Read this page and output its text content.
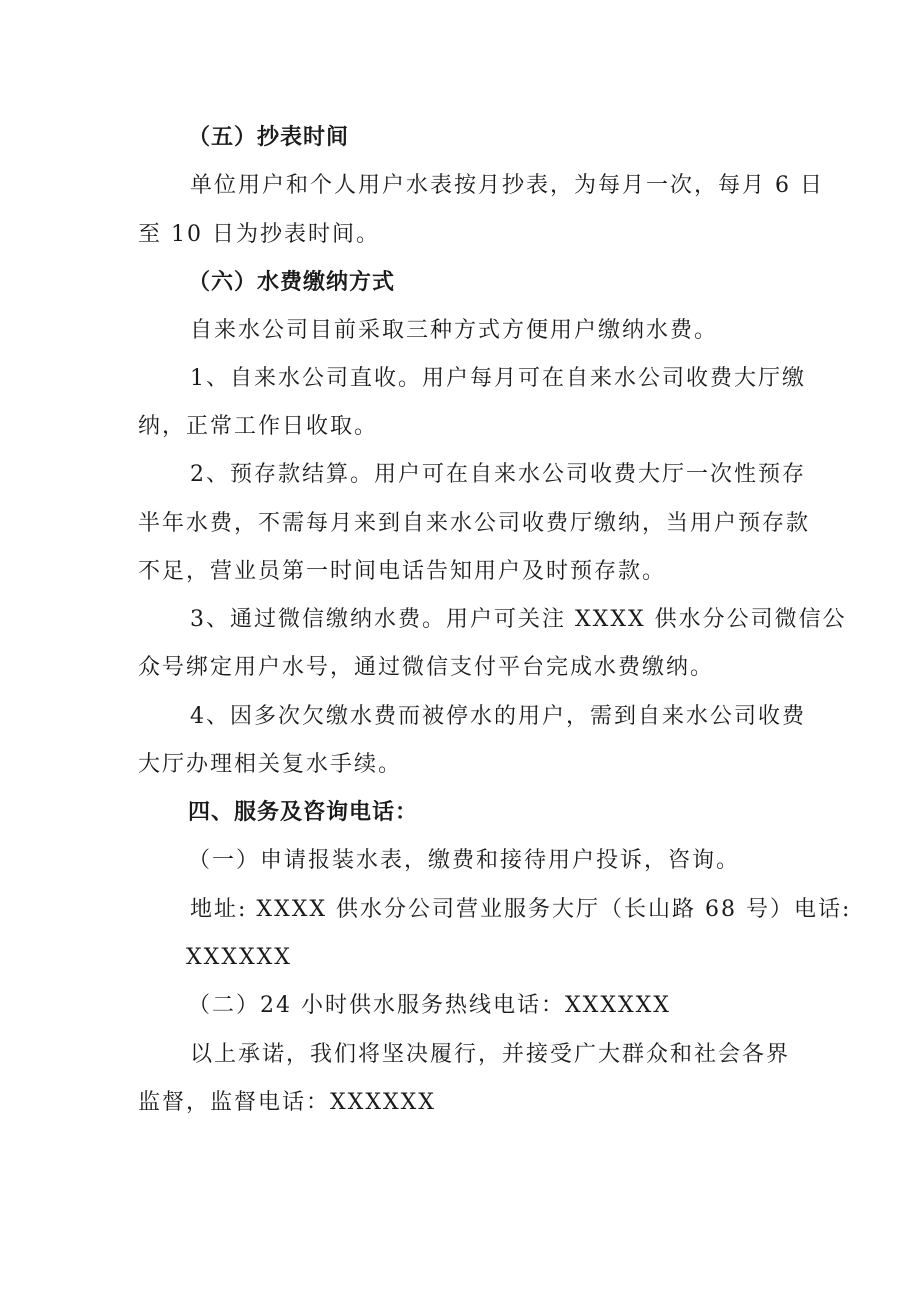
（五）抄表时间
单位用户和个人用户水表按月抄表，为每月一次，每月 6 日
至 10 日为抄表时间。
（六）水费缴纳方式
自来水公司目前采取三种方式方便用户缴纳水费。
1、自来水公司直收。用户每月可在自来水公司收费大厅缴
纳，正常工作日收取。
2、预存款结算。用户可在自来水公司收费大厅一次性预存
半年水费，不需每月来到自来水公司收费厅缴纳，当用户预存款
不足，营业员第一时间电话告知用户及时预存款。
3、通过微信缴纳水费。用户可关注 XXXX 供水分公司微信公
众号绑定用户水号，通过微信支付平台完成水费缴纳。
4、因多次欠缴水费而被停水的用户，需到自来水公司收费
大厅办理相关复水手续。
四、服务及咨询电话：
（一）申请报装水表，缴费和接待用户投诉，咨询。
地址: XXXX 供水分公司营业服务大厅（长山路 68 号）电话:
XXXXXX
（二）24 小时供水服务热线电话：XXXXXX
以上承诺，我们将坚决履行，并接受广大群众和社会各界
监督，监督电话：XXXXXX
